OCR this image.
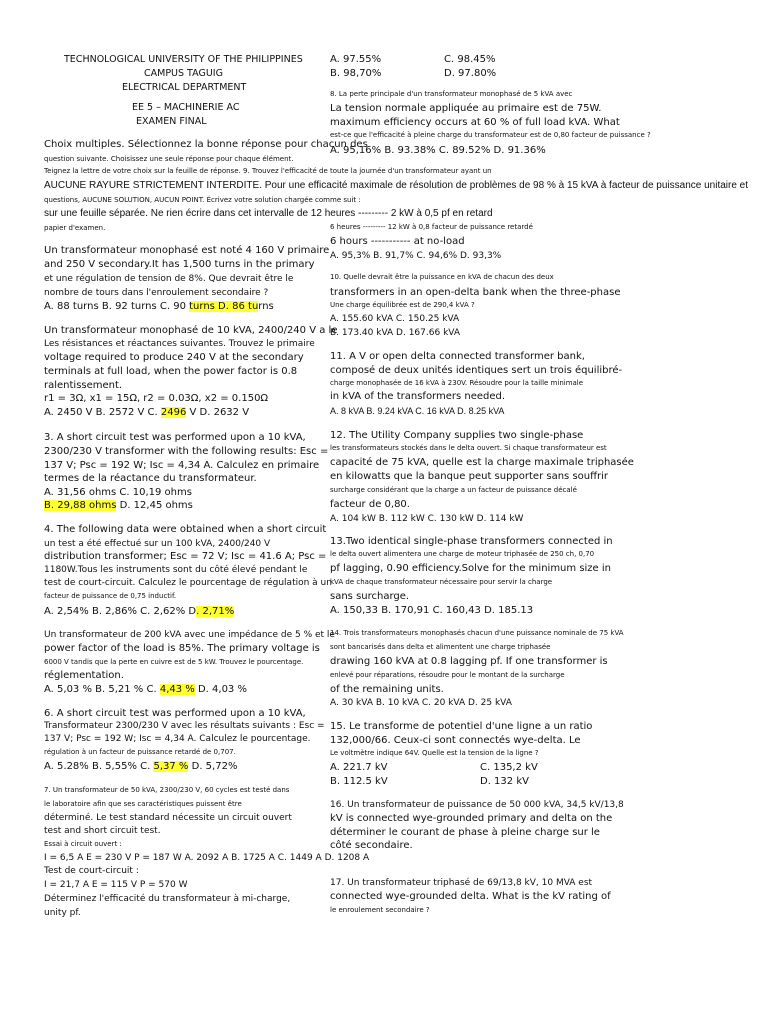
TECHNOLOGICAL UNIVERSITY OF THE PHILIPPINES
CAMPUS TAGUIG
ELECTRICAL DEPARTMENT
EE 5 – MACHINERIE AC
EXAMEN FINAL
Choix multiples. Sélectionnez la bonne réponse pour chacun des
question suivante. Choisissez une seule réponse pour chaque élément.
Teignez la lettre de votre choix sur la feuille de réponse. 9. Trouvez l'efficacité de toute la journée d'un transformateur ayant un
AUCUNE RAYURE STRICTEMENT INTERDITE. Pour une efficacité maximale de résolution de problèmes de 98 % à 15 kVA à facteur de puissance unitaire et
questions, AUCUNE SOLUTION, AUCUN POINT. Écrivez votre solution chargée comme suit :
sur une feuille séparée. Ne rien écrire dans cet intervalle de 12 heures --------- 2 kW à 0,5 pf en retard
papier d'examen.
Un transformateur monophasé est noté 4 160 V primaire
and 250 V secondary.It has 1,500 turns in the primary
et une régulation de tension de 8%. Que devrait être le
nombre de tours dans l'enroulement secondaire ?
A. 88 turns B. 92 turns C. 90 turns D. 86 turns
Un transformateur monophasé de 10 kVA, 2400/240 V a le
Les résistances et réactances suivantes. Trouvez le primaire
voltage required to produce 240 V at the secondary
terminals at full load, when the power factor is 0.8
ralentissement.
r1 = 3Ω, x1 = 15Ω, r2 = 0.03Ω, x2 = 0.150Ω
A. 2450 V B. 2572 V C. 2496 V D. 2632 V
3. A short circuit test was performed upon a 10 kVA,
2300/230 V transformer with the following results: Esc =
137 V; Psc = 192 W; Isc = 4,34 A. Calculez en primaire
termes de la réactance du transformateur.
A. 31,56 ohms C. 10,19 ohms
B. 29,88 ohms D. 12,45 ohms
4. The following data were obtained when a short circuit
un test a été effectué sur un 100 kVA, 2400/240 V
distribution transformer; Esc = 72 V; Isc = 41.6 A; Psc =
1180W.Tous les instruments sont du côté élevé pendant le
test de court-circuit. Calculez le pourcentage de régulation à un
facteur de puissance de 0,75 inductif.
A. 2,54% B. 2,86% C. 2,62% D. 2,71%
Un transformateur de 200 kVA avec une impédance de 5 % et le
power factor of the load is 85%. The primary voltage is
6000 V tandis que la perte en cuivre est de 5 kW. Trouvez le pourcentage.
réglementation.
A. 5,03 % B. 5,21 % C. 4,43 % D. 4,03 %
6. A short circuit test was performed upon a 10 kVA,
Transformateur 2300/230 V avec les résultats suivants : Esc =
137 V; Psc = 192 W; Isc = 4,34 A. Calculez le pourcentage.
régulation à un facteur de puissance retardé de 0,707.
A. 5.28% B. 5,55% C. 5,37 % D. 5,72%
7. Un transformateur de 50 kVA, 2300/230 V, 60 cycles est testé dans
le laboratoire afin que ses caractéristiques puissent être
déterminé. Le test standard nécessite un circuit ouvert
test and short circuit test.
Essai à circuit ouvert :
I = 6,5 A E = 230 V P = 187 W A. 2092 A B. 1725 A C. 1449 A D. 1208 A
Test de court-circuit :
I = 21,7 A E = 115 V P = 570 W
Déterminez l'efficacité du transformateur à mi-charge,
unity pf.
A. 97.55%	C. 98.45%
B. 98,70%	D. 97.80%
8. La perte principale d'un transformateur monophasé de 5 kVA avec
La tension normale appliquée au primaire est de 75W.
maximum efficiency occurs at 60 % of full load kVA. What
est-ce que l'efficacité à pleine charge du transformateur est de 0,80 facteur de puissance ?
A. 95,16% B. 93.38% C. 89.52% D. 91.36%
6 heures --------- 12 kW à 0,8 facteur de puissance retardé
6 hours ----------- at no-load
A. 95,3% B. 91,7% C. 94,6% D. 93,3%
10. Quelle devrait être la puissance en kVA de chacun des deux
transformers in an open-delta bank when the three-phase
Une charge équilibrée est de 290,4 kVA ?
A. 155.60 kVA C. 150.25 kVA
B. 173.40 kVA D. 167.66 kVA
11. A V or open delta connected transformer bank,
composé de deux unités identiques sert un trois équilibré-
charge monophasée de 16 kVA à 230V. Résoudre pour la taille minimale
in kVA of the transformers needed.
A. 8 kVA B. 9.24 kVA C. 16 kVA D. 8.25 kVA
12. The Utility Company supplies two single-phase
les transformateurs stockés dans le delta ouvert. Si chaque transformateur est
capacité de 75 kVA, quelle est la charge maximale triphasée
en kilowatts que la banque peut supporter sans souffrir
surcharge considérant que la charge a un facteur de puissance décalé
facteur de 0,80.
A. 104 kW B. 112 kW C. 130 kW D. 114 kW
13.Two identical single-phase transformers connected in
le delta ouvert alimentera une charge de moteur triphasée de 250 ch, 0,70
pf lagging, 0.90 efficiency.Solve for the minimum size in
kVA de chaque transformateur nécessaire pour servir la charge
sans surcharge.
A. 150,33 B. 170,91 C. 160,43 D. 185.13
14. Trois transformateurs monophasés chacun d'une puissance nominale de 75 kVA
sont bancarisés dans delta et alimentent une charge triphasée
drawing 160 kVA at 0.8 lagging pf. If one transformer is
enlevé pour réparations, résoudre pour le montant de la surcharge
of the remaining units.
A. 30 kVA B. 10 kVA C. 20 kVA D. 25 kVA
15. Le transforme de potentiel d'une ligne a un ratio
132,000/66. Ceux-ci sont connectés wye-delta. Le
Le voltmètre indique 64V. Quelle est la tension de la ligne ?
A. 221.7 kV	C. 135,2 kV
B. 112.5 kV	D. 132 kV
16. Un transformateur de puissance de 50 000 kVA, 34,5 kV/13,8
kV is connected wye-grounded primary and delta on the
déterminer le courant de phase à pleine charge sur le
côté secondaire.
17. Un transformateur triphasé de 69/13,8 kV, 10 MVA est
connected wye-grounded delta. What is the kV rating of
le enroulement secondaire ?
